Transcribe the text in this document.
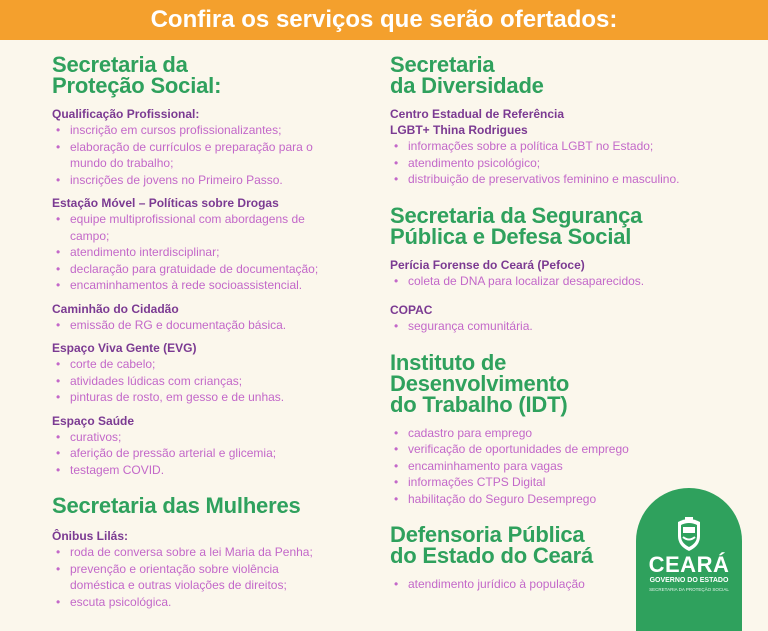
Confira os serviços que serão ofertados:
Secretaria da
Proteção Social:

Qualificação Profissional:

• inscrição em cursos profissionalizantes;
• elaboração de currículos e preparação para o
mundo do trabalho;
• inscrições de jovens no Primeiro Passo.

Estação Móvel – Políticas sobre Drogas

• equipe multiprofissional com abordagens de
campo;
• atendimento interdisciplinar;
• declaração para gratuidade de documentação;
• encaminhamentos à rede socioassistencial.

Caminhão do Cidadão

• emissão de RG e documentação básica.

Espaço Viva Gente (EVG)

• corte de cabelo;
• atividades lúdicas com crianças;
• pinturas de rosto, em gesso e de unhas.

Espaço Saúde

• curativos;
• aferição de pressão arterial e glicemia;
• testagem COVID.
Secretaria das Mulheres

Ônibus Lilás:

• roda de conversa sobre a lei Maria da Penha;
• prevenção e orientação sobre violência
doméstica e outras violações de direitos;
• escuta psicológica.
Secretaria
da Diversidade

Centro Estadual de Referência
LGBT+ Thina Rodrigues

• informações sobre a política LGBT no Estado;
• atendimento psicológico;
• distribuição de preservativos feminino e masculino.
Secretaria da Segurança
Pública e Defesa Social

Perícia Forense do Ceará (Pefoce)

• coleta de DNA para localizar desaparecidos.

COPAC

• segurança comunitária.
Instituto de
Desenvolvimento
do Trabalho (IDT)
• cadastro para emprego
• verificação de oportunidades de emprego
• encaminhamento para vagas
• informações CTPS Digital
• habilitação do Seguro Desemprego
Defensoria Pública
do Estado do Ceará
• atendimento jurídico à população
CEARÁ
GOVERNO DO ESTADO
SECRETARIA DA PROTEÇÃO SOCIAL
